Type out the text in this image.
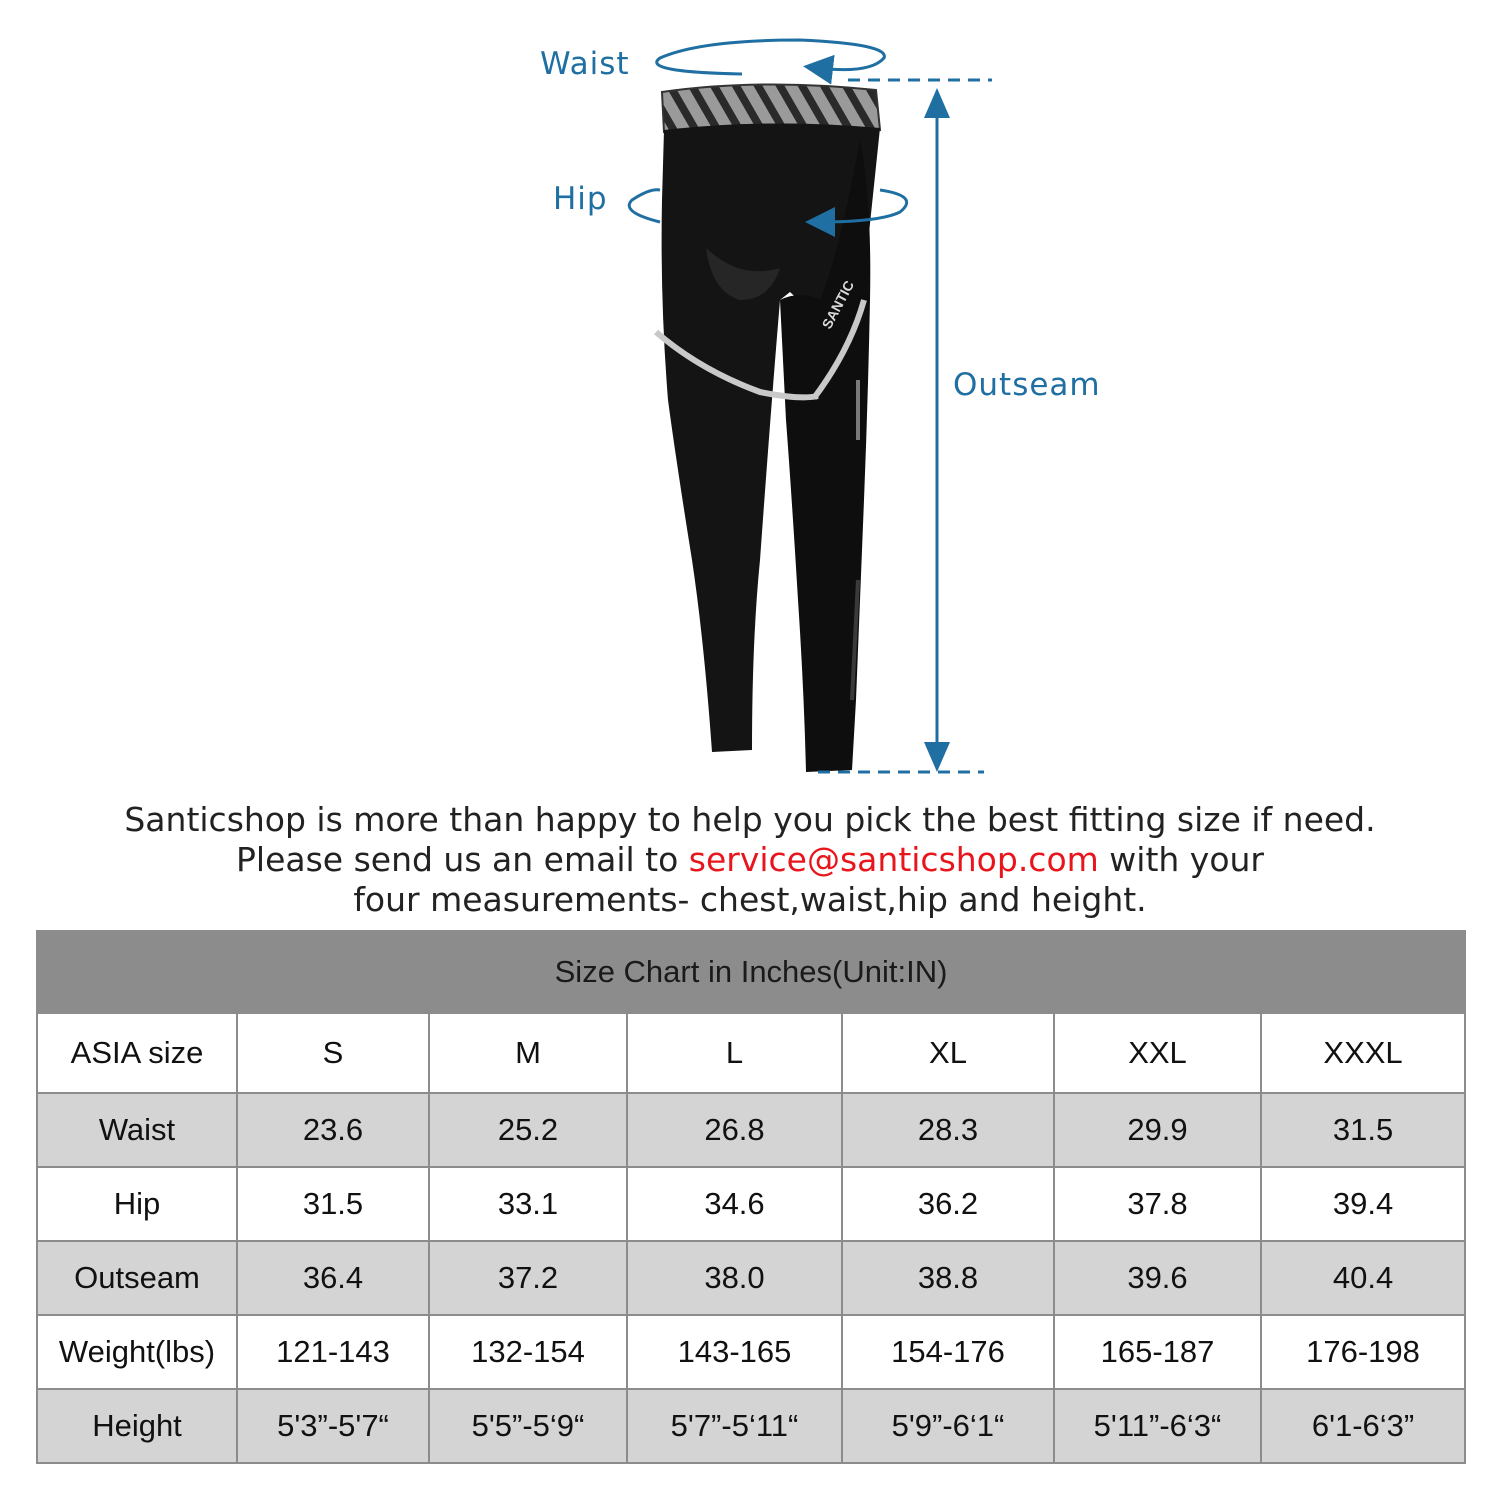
SANTIC
Waist
Hip
Outseam
Santicshop is more than happy to help you pick the best fitting size if need.
Please send us an email to service@santicshop.com with your
four measurements- chest,waist,hip and height.
Size Chart in Inches(Unit:IN)						
ASIA size	S	M	L	XL	XXL	XXXL
Waist	23.6	25.2	26.8	28.3	29.9	31.5
Hip	31.5	33.1	34.6	36.2	37.8	39.4
Outseam	36.4	37.2	38.0	38.8	39.6	40.4
Weight(lbs)	121-143	132-154	143-165	154-176	165-187	176-198
Height	5'3”-5'7“	5'5”-5‘9“	5'7”-5‘11“	5'9”-6‘1“	5'11”-6‘3“	6'1-6‘3”
